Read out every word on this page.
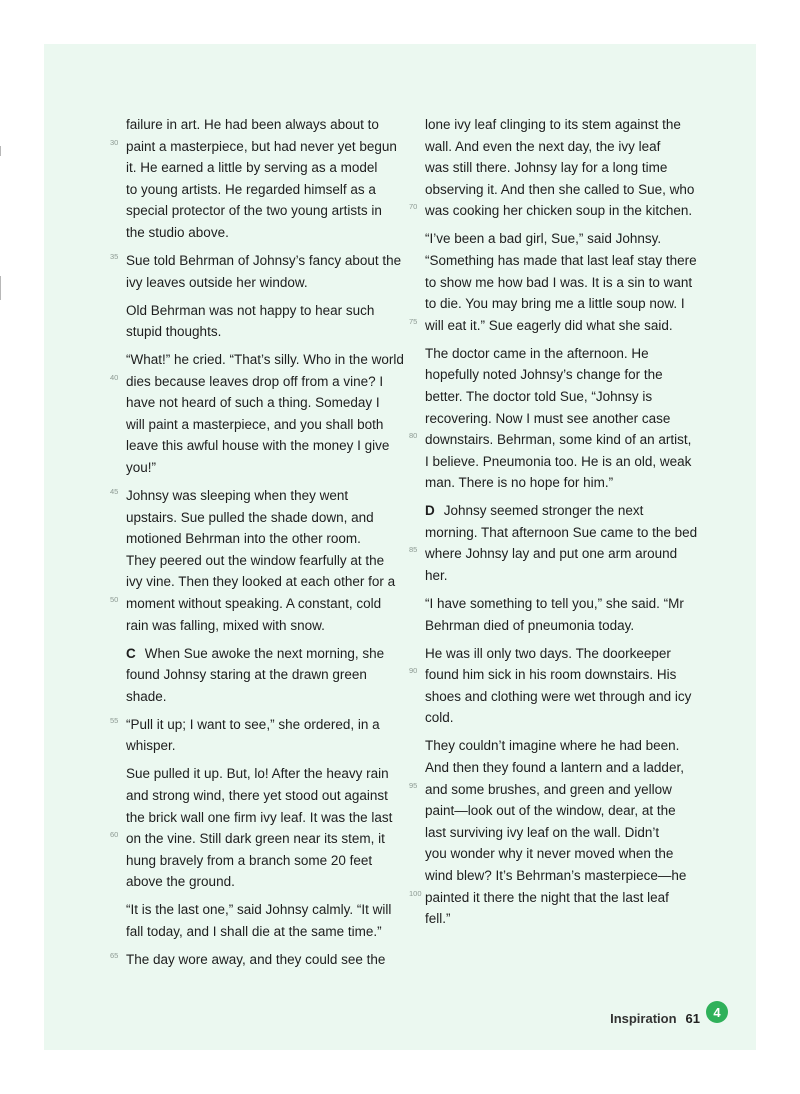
failure in art. He had been always about to
30 paint a masterpiece, but had never yet begun
it. He earned a little by serving as a model
to young artists. He regarded himself as a
special protector of the two young artists in
the studio above.
35 Sue told Behrman of Johnsy’s fancy about the
ivy leaves outside her window.
Old Behrman was not happy to hear such
stupid thoughts.
“What!” he cried. “That’s silly. Who in the world
40 dies because leaves drop off from a vine? I
have not heard of such a thing. Someday I
will paint a masterpiece, and you shall both
leave this awful house with the money I give
you!”
45 Johnsy was sleeping when they went
upstairs. Sue pulled the shade down, and
motioned Behrman into the other room.
They peered out the window fearfully at the
ivy vine. Then they looked at each other for a
50 moment without speaking. A constant, cold
rain was falling, mixed with snow.
C When Sue awoke the next morning, she
found Johnsy staring at the drawn green
shade.
55 “Pull it up; I want to see,” she ordered, in a
whisper.
Sue pulled it up. But, lo! After the heavy rain
and strong wind, there yet stood out against
the brick wall one firm ivy leaf. It was the last
60 on the vine. Still dark green near its stem, it
hung bravely from a branch some 20 feet
above the ground.
“It is the last one,” said Johnsy calmly. “It will
fall today, and I shall die at the same time.”
65 The day wore away, and they could see the
lone ivy leaf clinging to its stem against the
wall. And even the next day, the ivy leaf
was still there. Johnsy lay for a long time
observing it. And then she called to Sue, who
70 was cooking her chicken soup in the kitchen.
“I’ve been a bad girl, Sue,” said Johnsy.
“Something has made that last leaf stay there
to show me how bad I was. It is a sin to want
to die. You may bring me a little soup now. I
75 will eat it.” Sue eagerly did what she said.
The doctor came in the afternoon. He
hopefully noted Johnsy’s change for the
better. The doctor told Sue, “Johnsy is
recovering. Now I must see another case
80 downstairs. Behrman, some kind of an artist,
I believe. Pneumonia too. He is an old, weak
man. There is no hope for him.”
D Johnsy seemed stronger the next
morning. That afternoon Sue came to the bed
85 where Johnsy lay and put one arm around
her.
“I have something to tell you,” she said. “Mr
Behrman died of pneumonia today.
He was ill only two days. The doorkeeper
90 found him sick in his room downstairs. His
shoes and clothing were wet through and icy
cold.
They couldn’t imagine where he had been.
And then they found a lantern and a ladder,
95 and some brushes, and green and yellow
paint—look out of the window, dear, at the
last surviving ivy leaf on the wall. Didn’t
you wonder why it never moved when the
wind blew? It’s Behrman’s masterpiece—he
100 painted it there the night that the last leaf
fell.”
Inspiration 61	4
